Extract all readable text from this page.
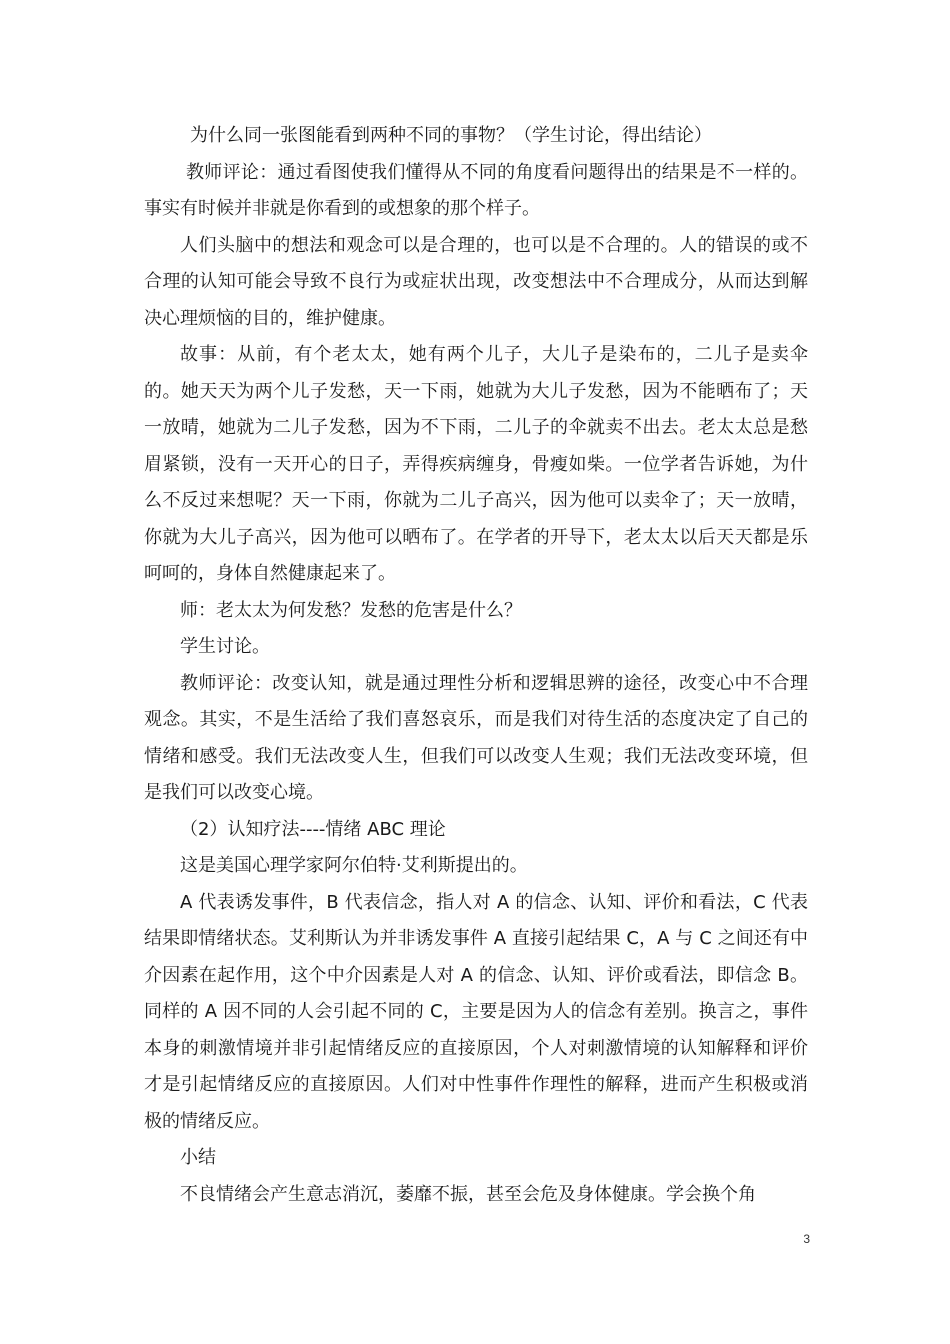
为什么同一张图能看到两种不同的事物？（学生讨论，得出结论）

教师评论：通过看图使我们懂得从不同的角度看问题得出的结果是不一样的。事实有时候并非就是你看到的或想象的那个样子。

人们头脑中的想法和观念可以是合理的，也可以是不合理的。人的错误的或不合理的认知可能会导致不良行为或症状出现，改变想法中不合理成分，从而达到解决心理烦恼的目的，维护健康。

故事：从前，有个老太太，她有两个儿子，大儿子是染布的，二儿子是卖伞的。她天天为两个儿子发愁，天一下雨，她就为大儿子发愁，因为不能晒布了；天一放晴，她就为二儿子发愁，因为不下雨，二儿子的伞就卖不出去。老太太总是愁眉紧锁，没有一天开心的日子，弄得疾病缠身，骨瘦如柴。一位学者告诉她，为什么不反过来想呢？天一下雨，你就为二儿子高兴，因为他可以卖伞了；天一放晴，你就为大儿子高兴，因为他可以晒布了。在学者的开导下，老太太以后天天都是乐呵呵的，身体自然健康起来了。

师：老太太为何发愁？发愁的危害是什么？

学生讨论。

教师评论：改变认知，就是通过理性分析和逻辑思辨的途径，改变心中不合理观念。其实，不是生活给了我们喜怒哀乐，而是我们对待生活的态度决定了自己的情绪和感受。我们无法改变人生，但我们可以改变人生观；我们无法改变环境，但是我们可以改变心境。

（2）认知疗法----情绪 ABC 理论

这是美国心理学家阿尔伯特·艾利斯提出的。

A 代表诱发事件，B 代表信念，指人对 A 的信念、认知、评价和看法，C 代表结果即情绪状态。艾利斯认为并非诱发事件 A 直接引起结果 C，A 与 C 之间还有中介因素在起作用，这个中介因素是人对 A 的信念、认知、评价或看法，即信念 B。同样的 A 因不同的人会引起不同的 C，主要是因为人的信念有差别。换言之，事件本身的刺激情境并非引起情绪反应的直接原因，个人对刺激情境的认知解释和评价才是引起情绪反应的直接原因。人们对中性事件作理性的解释，进而产生积极或消极的情绪反应。

小结

不良情绪会产生意志消沉，萎靡不振，甚至会危及身体健康。学会换个角

3
